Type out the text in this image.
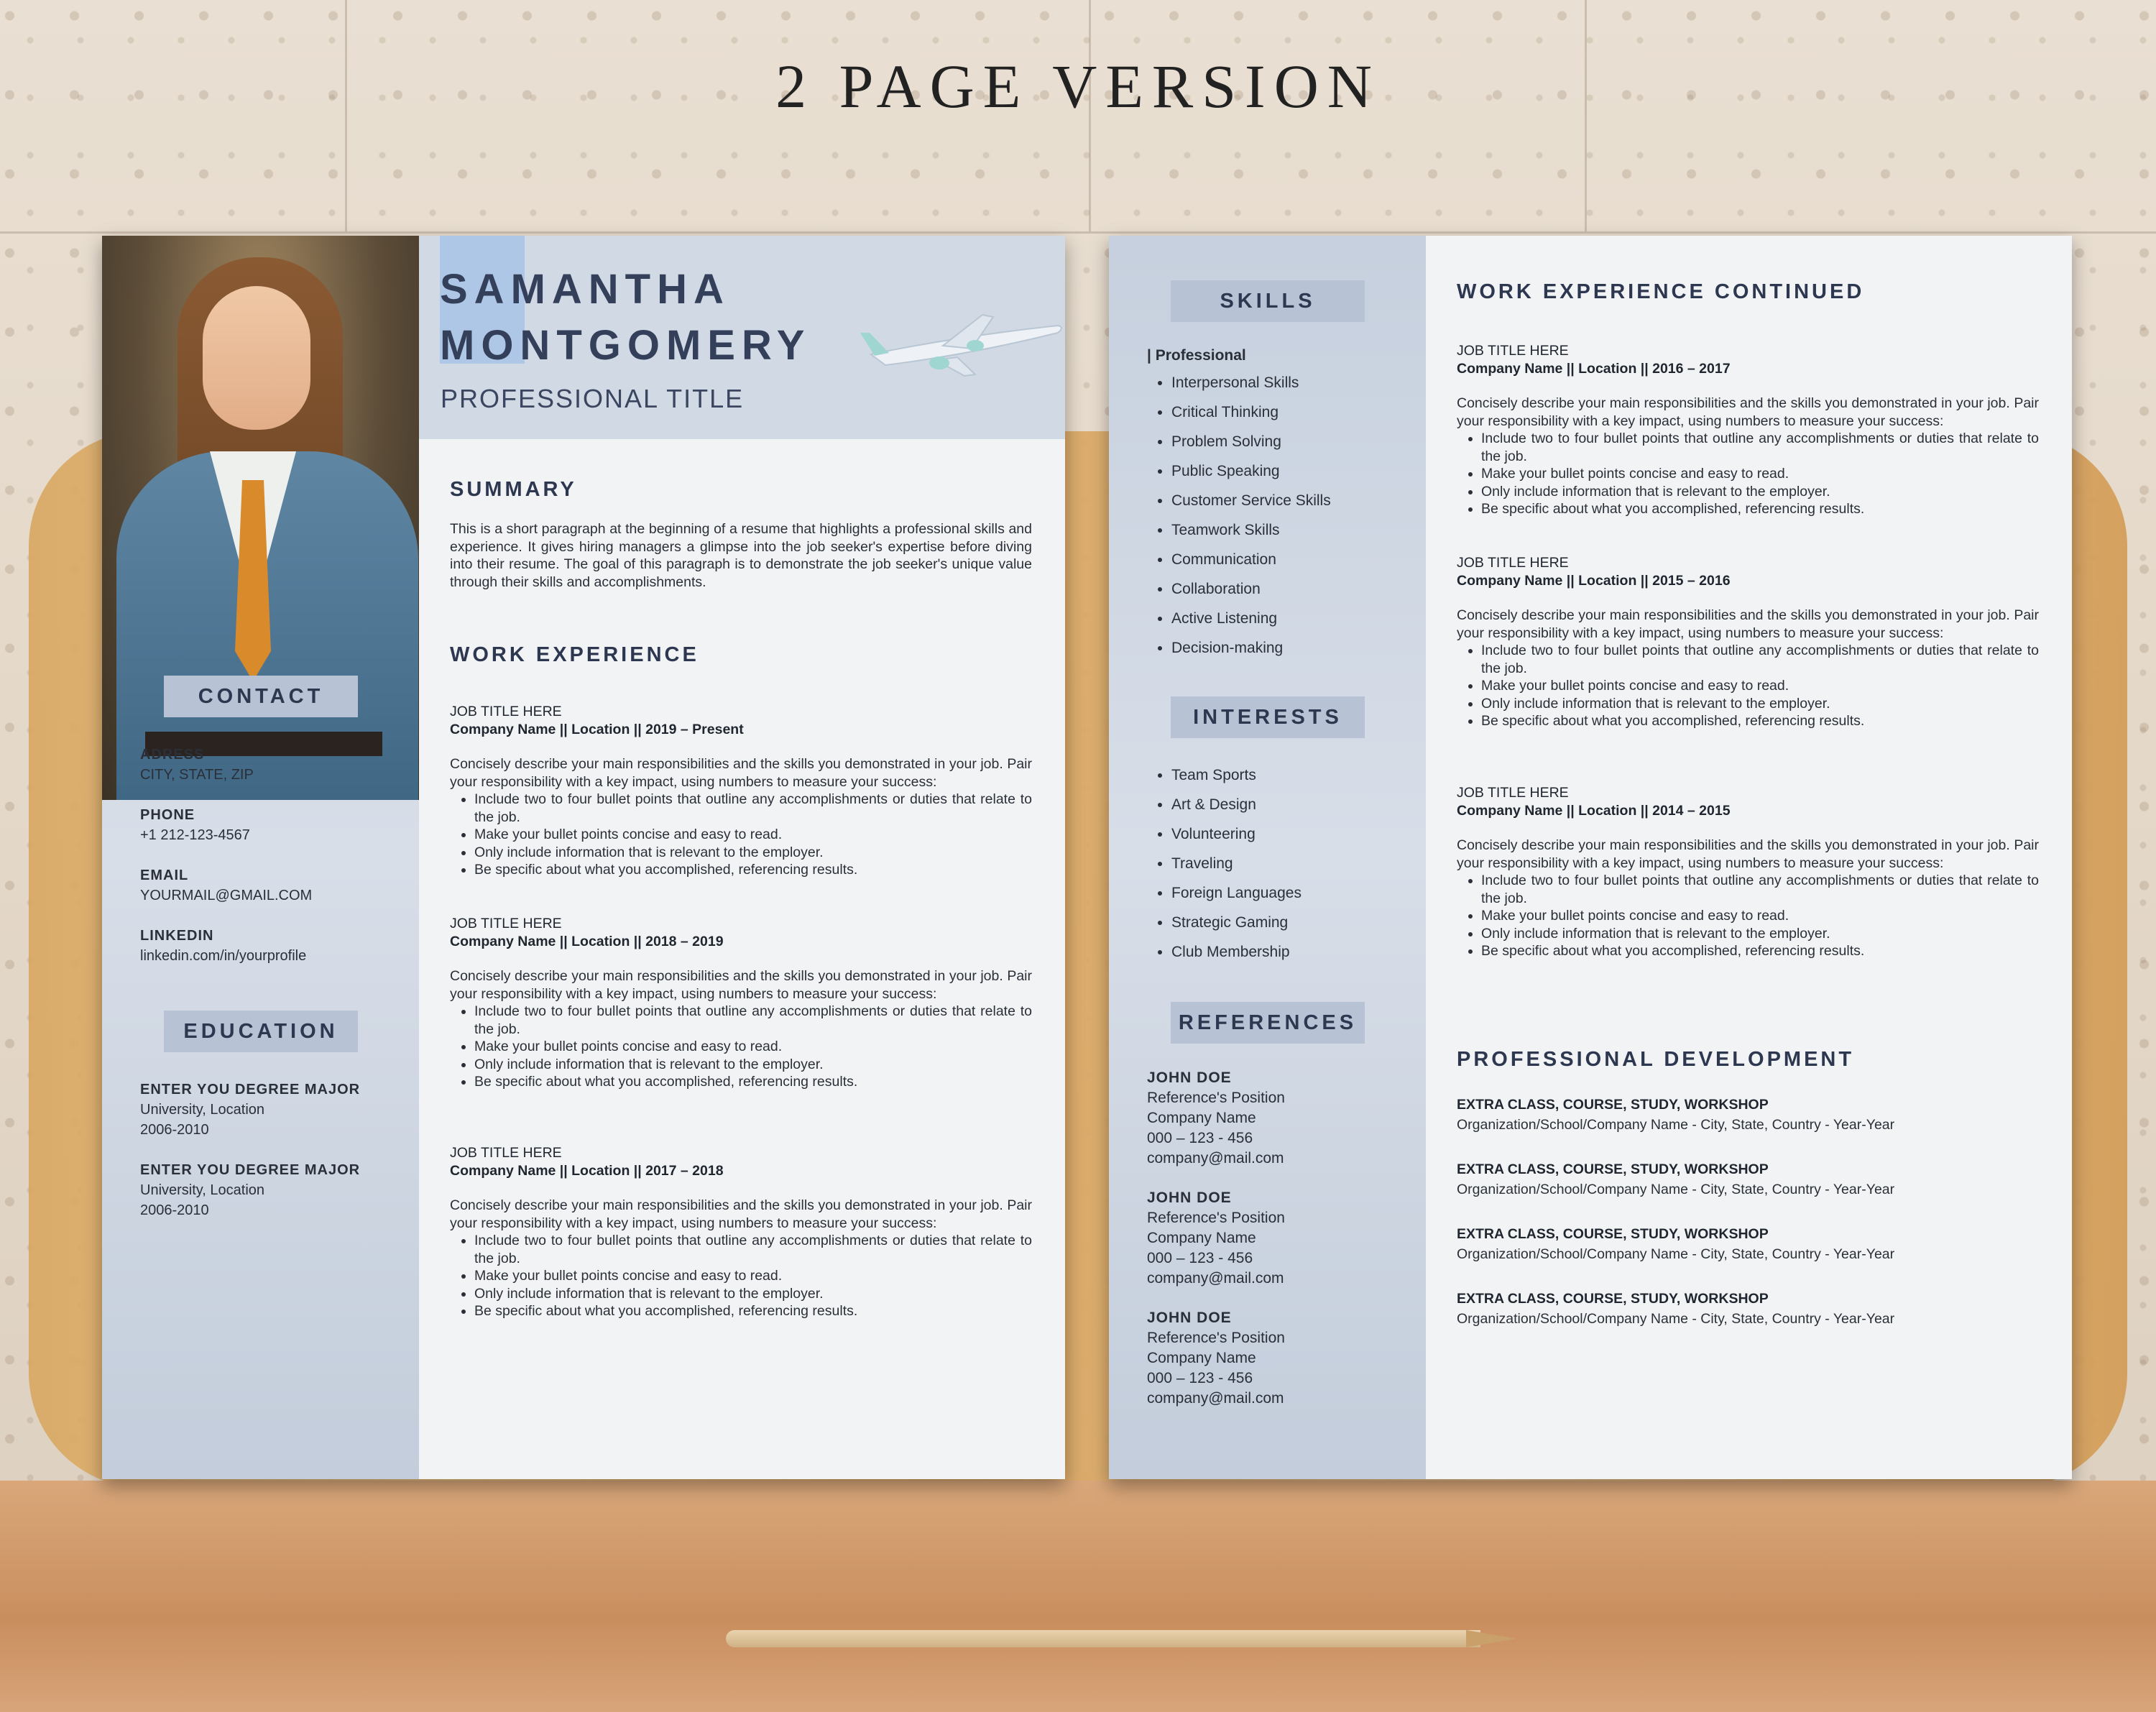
2 PAGE VERSION
SAMANTHA
MONTGOMERY
PROFESSIONAL TITLE
CONTACT
ADRESS
CITY, STATE, ZIP
PHONE
+1 212-123-4567
EMAIL
YOURMAIL@GMAIL.COM
LINKEDIN
linkedin.com/in/yourprofile
EDUCATION
ENTER YOU DEGREE MAJOR
University, Location
2006-2010
ENTER YOU DEGREE MAJOR
University, Location
2006-2010
SUMMARY
This is a short paragraph at the beginning of a resume that highlights a professional skills and experience. It gives hiring managers a glimpse into the job seeker's expertise before diving into their resume. The goal of this paragraph is to demonstrate the job seeker's unique value through their skills and accomplishments.
WORK EXPERIENCE
JOB TITLE HERE
Company Name || Location || 2019 – Present
Concisely describe your main responsibilities and the skills you demonstrated in your job. Pair your responsibility with a key impact, using numbers to measure your success:
• Include two to four bullet points that outline any accomplishments or duties that relate to the job.
• Make your bullet points concise and easy to read.
• Only include information that is relevant to the employer.
• Be specific about what you accomplished, referencing results.
JOB TITLE HERE
Company Name || Location || 2018 – 2019
Concisely describe your main responsibilities and the skills you demonstrated in your job. Pair your responsibility with a key impact, using numbers to measure your success:
• Include two to four bullet points that outline any accomplishments or duties that relate to the job.
• Make your bullet points concise and easy to read.
• Only include information that is relevant to the employer.
• Be specific about what you accomplished, referencing results.
JOB TITLE HERE
Company Name || Location || 2017 – 2018
Concisely describe your main responsibilities and the skills you demonstrated in your job. Pair your responsibility with a key impact, using numbers to measure your success:
• Include two to four bullet points that outline any accomplishments or duties that relate to the job.
• Make your bullet points concise and easy to read.
• Only include information that is relevant to the employer.
• Be specific about what you accomplished, referencing results.
SKILLS
| Professional
• Interpersonal Skills
• Critical Thinking
• Problem Solving
• Public Speaking
• Customer Service Skills
• Teamwork Skills
• Communication
• Collaboration
• Active Listening
• Decision-making
INTERESTS
• Team Sports
• Art & Design
• Volunteering
• Traveling
• Foreign Languages
• Strategic Gaming
• Club Membership
REFERENCES
JOHN DOE
Reference's Position
Company Name
000 – 123 - 456
company@mail.com
JOHN DOE
Reference's Position
Company Name
000 – 123 - 456
company@mail.com
JOHN DOE
Reference's Position
Company Name
000 – 123 - 456
company@mail.com
WORK EXPERIENCE CONTINUED
JOB TITLE HERE
Company Name || Location || 2016 – 2017
Concisely describe your main responsibilities and the skills you demonstrated in your job. Pair your responsibility with a key impact, using numbers to measure your success:
• Include two to four bullet points that outline any accomplishments or duties that relate to the job.
• Make your bullet points concise and easy to read.
• Only include information that is relevant to the employer.
• Be specific about what you accomplished, referencing results.
JOB TITLE HERE
Company Name || Location || 2015 – 2016
Concisely describe your main responsibilities and the skills you demonstrated in your job. Pair your responsibility with a key impact, using numbers to measure your success:
• Include two to four bullet points that outline any accomplishments or duties that relate to the job.
• Make your bullet points concise and easy to read.
• Only include information that is relevant to the employer.
• Be specific about what you accomplished, referencing results.
JOB TITLE HERE
Company Name || Location || 2014 – 2015
Concisely describe your main responsibilities and the skills you demonstrated in your job. Pair your responsibility with a key impact, using numbers to measure your success:
• Include two to four bullet points that outline any accomplishments or duties that relate to the job.
• Make your bullet points concise and easy to read.
• Only include information that is relevant to the employer.
• Be specific about what you accomplished, referencing results.
PROFESSIONAL DEVELOPMENT
EXTRA CLASS, COURSE, STUDY, WORKSHOP
Organization/School/Company Name - City, State, Country - Year-Year
EXTRA CLASS, COURSE, STUDY, WORKSHOP
Organization/School/Company Name - City, State, Country - Year-Year
EXTRA CLASS, COURSE, STUDY, WORKSHOP
Organization/School/Company Name - City, State, Country - Year-Year
EXTRA CLASS, COURSE, STUDY, WORKSHOP
Organization/School/Company Name - City, State, Country - Year-Year
